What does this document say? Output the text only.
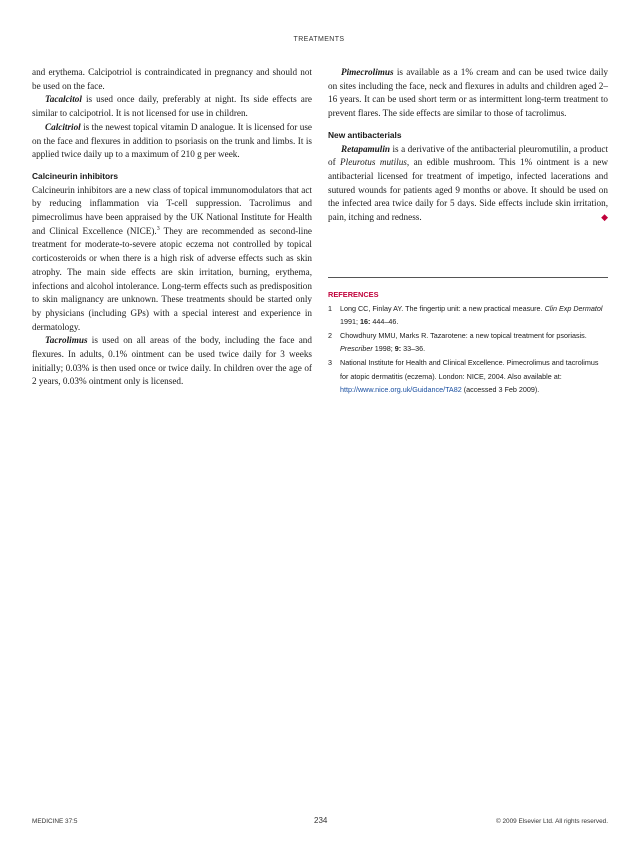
TREATMENTS

and erythema. Calcipotriol is contraindicated in pregnancy and should not be used on the face.

Tacalcitol is used once daily, preferably at night. Its side effects are similar to calcipotriol. It is not licensed for use in children.

Calcitriol is the newest topical vitamin D analogue. It is licensed for use on the face and flexures in addition to psoriasis on the trunk and limbs. It is applied twice daily up to a maximum of 210 g per week.

Calcineurin inhibitors

Calcineurin inhibitors are a new class of topical immunomodulators that act by reducing inflammation via T-cell suppression. Tacrolimus and pimecrolimus have been appraised by the UK National Institute for Health and Clinical Excellence (NICE).$^3$ They are recommended as second-line treatment for moderate-to-severe atopic eczema not controlled by topical corticosteroids or when there is a high risk of adverse effects such as skin atrophy. The main side effects are skin irritation, burning, erythema, infections and alcohol intolerance. Long-term effects such as predisposition to skin malignancy are unknown. These treatments should be started only by physicians (including GPs) with a special interest and experience in dermatology.

Tacrolimus is used on all areas of the body, including the face and flexures. In adults, 0.1% ointment can be used twice daily for 3 weeks initially; 0.03% is then used once or twice daily. In children over the age of 2 years, 0.03% ointment only is licensed.

Pimecrolimus is available as a 1% cream and can be used twice daily on sites including the face, neck and flexures in adults and children aged 2–16 years. It can be used short term or as intermittent long-term treatment to prevent flares. The side effects are similar to those of tacrolimus.

New antibacterials

Retapamulin is a derivative of the antibacterial pleuromutilin, a product of Pleurotus mutilus, an edible mushroom. This 1% ointment is a new antibacterial licensed for treatment of impetigo, infected lacerations and sutured wounds for patients aged 9 months or above. It should be used on the infected area twice daily for 5 days. Side effects include skin irritation, pain, itching and redness.	◆

REFERENCES
1 Long CC, Finlay AY. The fingertip unit: a new practical measure. Clin Exp Dermatol 1991; 16: 444–46.
2 Chowdhury MMU, Marks R. Tazarotene: a new topical treatment for psoriasis. Prescriber 1998; 9: 33–36.
3 National Institute for Health and Clinical Excellence. Pimecrolimus and tacrolimus for atopic dermatitis (eczema). London: NICE, 2004. Also available at: http://www.nice.org.uk/Guidance/TA82 (accessed 3 Feb 2009).
MEDICINE 37:5	234	© 2009 Elsevier Ltd. All rights reserved.
